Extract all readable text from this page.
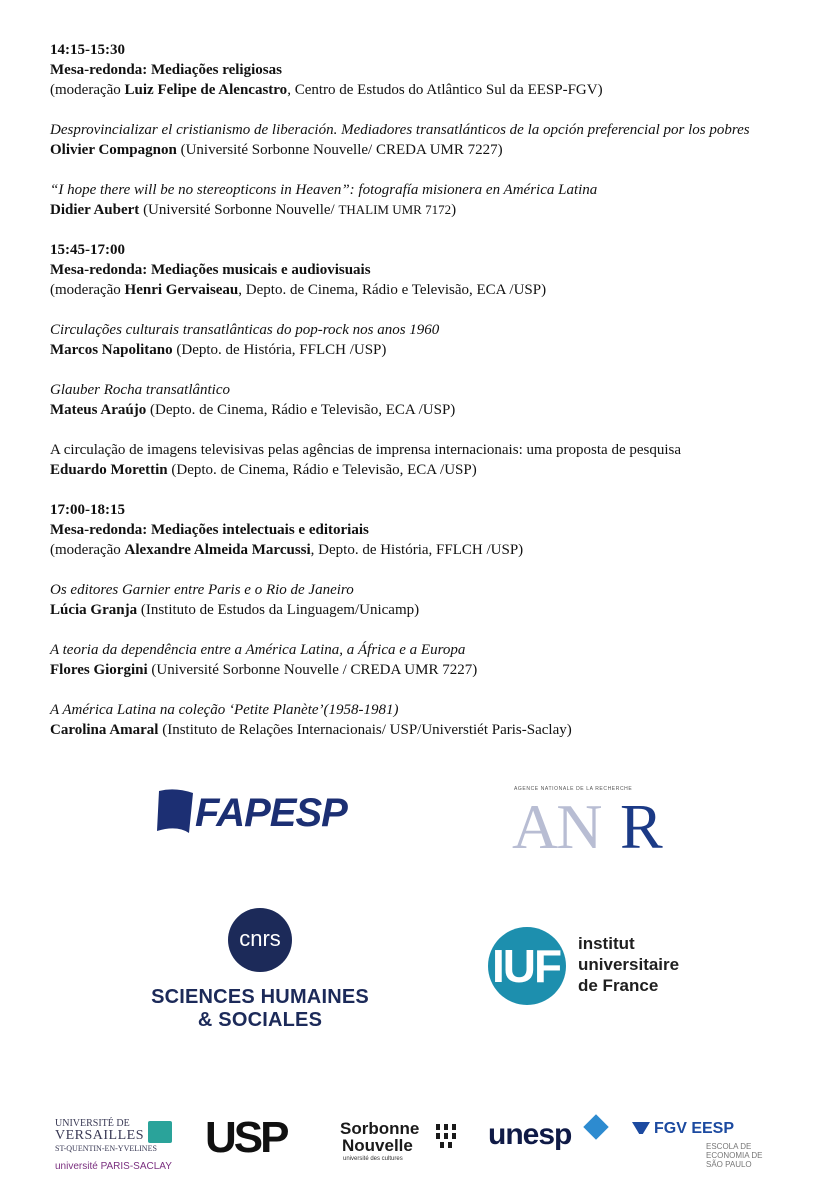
14:15-15:30

Mesa-redonda: Mediações religiosas

(moderação Luiz Felipe de Alencastro, Centro de Estudos do Atlântico Sul da EESP-FGV)

Desprovincializar el cristianismo de liberación. Mediadores transatlánticos de la opción preferencial por los pobres

Olivier Compagnon (Université Sorbonne Nouvelle/ CREDA UMR 7227)

“I hope there will be no stereopticons in Heaven”: fotografía misionera en América Latina

Didier Aubert (Université Sorbonne Nouvelle/ THALIM UMR 7172)

15:45-17:00

Mesa-redonda: Mediações musicais e audiovisuais

(moderação Henri Gervaiseau, Depto. de Cinema, Rádio e Televisão, ECA /USP)

Circulações culturais transatlânticas do pop-rock nos anos 1960

Marcos Napolitano (Depto. de História, FFLCH /USP)

Glauber Rocha transatlântico

Mateus Araújo (Depto. de Cinema, Rádio e Televisão, ECA /USP)

A circulação de imagens televisivas pelas agências de imprensa internacionais: uma proposta de pesquisa

Eduardo Morettin (Depto. de Cinema, Rádio e Televisão, ECA /USP)

17:00-18:15

Mesa-redonda: Mediações intelectuais e editoriais

(moderação Alexandre Almeida Marcussi, Depto. de História, FFLCH /USP)

Os editores Garnier entre Paris e o Rio de Janeiro

Lúcia Granja (Instituto de Estudos da Linguagem/Unicamp)

A teoria da dependência entre a América Latina, a África e a Europa

Flores Giorgini (Université Sorbonne Nouvelle / CREDA UMR 7227)

A América Latina na coleção ‘Petite Planète’(1958-1981)

Carolina Amaral (Instituto de Relações Internacionais/ USP/Universtiét Paris-Saclay)

FAPESP
AGENCE NATIONALE DE LA RECHERCHE
AN R
cnrs
SCIENCES HUMAINES
& SOCIALES
IUF institut
universitaire
de France
UNIVERSITÉ DE
VERSAILLES
ST-QUENTIN-EN-YVELINES
université PARIS-SACLAY
USP	Sorbonne
Nouvelle
université des cultures
unesp	FGV EESP
ESCOLA DE
ECONOMIA DE
SÃO PAULO
